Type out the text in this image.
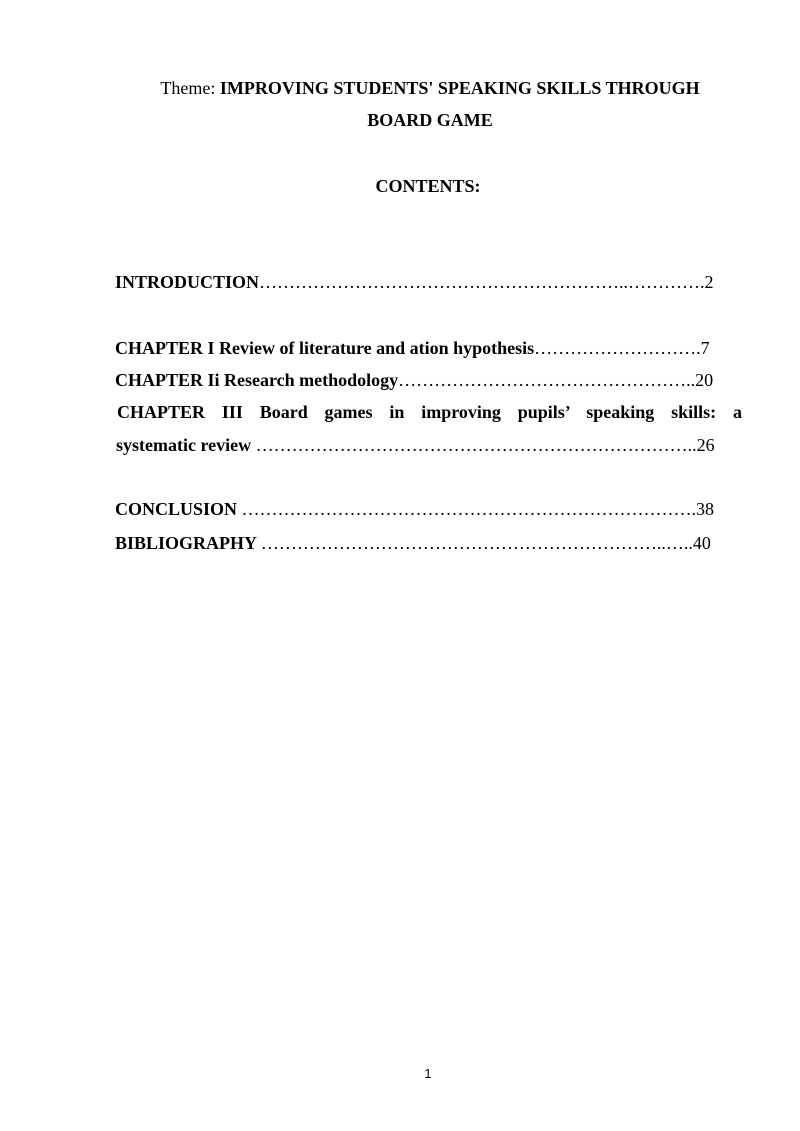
Theme: IMPROVING STUDENTS' SPEAKING SKILLS THROUGH
BOARD GAME
CONTENTS:
INTRODUCTION……………………………………………………..………….2
CHAPTER I Review of literature and ation hypothesis……………………….7
CHAPTER Ii Research methodology…………………………………………..20
CHAPTER III Board games in improving pupils’ speaking skills: a
systematic review ………………………………………………………………..26
CONCLUSION ………………………………………………………………….38
BIBLIOGRAPHY …………………………………………………………..…..40
1
